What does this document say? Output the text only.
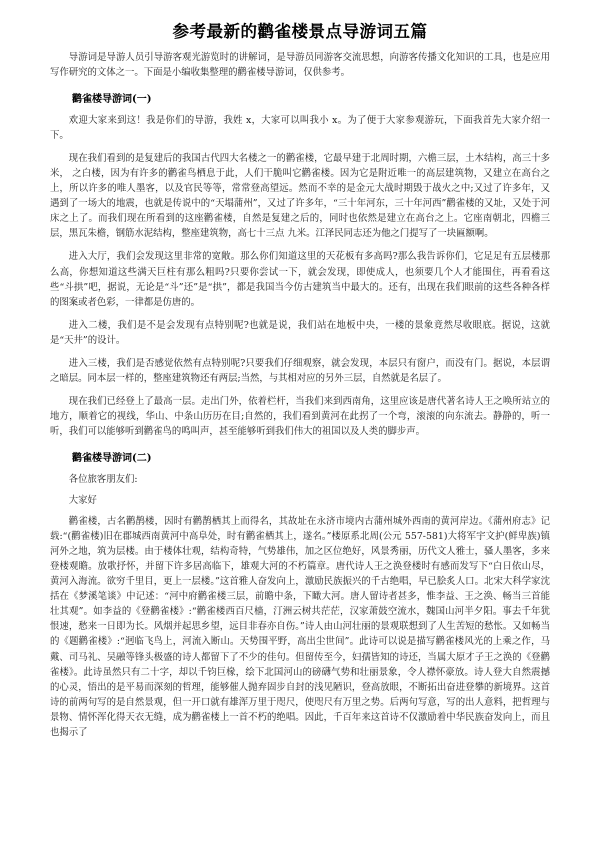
参考最新的鹳雀楼景点导游词五篇

导游词是导游人员引导游客观光游览时的讲解词，是导游员同游客交流思想，向游客传播文化知识的工具，也是应用写作研究的文体之一。下面是小编收集整理的鹳雀楼导游词，仅供参考。

鹳雀楼导游词(一)

欢迎大家来到这！我是你们的导游，我姓 x，大家可以叫我小 x。为了便于大家参观游玩，下面我首先大家介绍一下。

现在我们看到的是复建后的我国古代四大名楼之一的鹳雀楼，它最早建于北周时期，六檐三层，土木结构，高三十多米， 之白楼，因为有许多的鹳雀鸟栖息于此，人们干脆叫它鹳雀楼。因为它是附近唯一的高层建筑物，又建立在高台之上，所以许多的唯人墨客，以及官民等等，常常登高望远。然而不幸的是金元大战时期毁于战火之中;又过了许多年，又遇到了一场大的地震，也就是传说中的“天塌蒲州”，又过了许多年，“三十年河东，三十年河西”鹳雀楼的又址，又处于河床之上了。而我们现在所看到的这座鹳雀楼，自然是复建之后的，同时也依然是建立在高台之上。它座南朝北，四檐三层，黑瓦朱檐，钢筋水泥结构，整座建筑物，高七十三点 九米。江泽民同志还为他之门提写了一块匾额啊。

进入大厅，我们会发现这里非常的宽敞。那么你们知道这里的天花板有多高吗?那么我告诉你们，它足足有五层楼那么高，你想知道这些满天巨柱有那么粗吗?只要你尝试一下，就会发现，即使成人，也须要几个人才能围住，再看看这些“斗拱”吧，据说，无论是“斗”还”是“拱”，都是我国当今仿古建筑当中最大的。还有，出现在我们眼前的这些各种各样的图案或者色彩，一律都是仿唐的。

进入二楼，我们是不是会发现有点特别呢?也就是说，我们站在地板中央，一楼的景象竟然尽收眼底。据说，这就是“天井”的设计。

进入三楼，我们是否感觉依然有点特别呢?只要我们仔细观察，就会发现，本层只有窗户，而没有门。据说，本层谓之暗层。同本层一样的，整座建筑物还有两层;当然，与其相对应的另外三层，自然就是名层了。

现在我们已经登上了最高一层。走出门外，依着栏杆，当我们来到西南角，这里应该是唐代著名诗人王之唤所站立的地方，顺着它的视线，华山、中条山历历在目;自然的，我们看到黄河在此拐了一个弯，滚滚的向东流去。静静的，听一听，我们可以能够听到鹳雀鸟的鸣叫声，甚至能够听到我们伟大的祖国以及人类的脚步声。

鹳雀楼导游词(二)

各位旅客朋友们:

大家好

鹳雀楼，古名鹳鹊楼，因时有鹳鹊栖其上而得名，其故址在永济市境内古蒲州城外西南的黄河岸边。《蒲州府志》记载:“(鹳雀楼)旧在郡城西南黄河中高阜处，时有鹳雀栖其上，遂名。”楼原系北周(公元 557-581)大将军宇文护(鲜卑族)镇河外之地，筑为层楼。由于楼体壮观，结构奇特，气势雄伟，加之区位绝好，风景秀丽，历代文人雅士，骚人墨客，多来登楼观瞻。放歌抒怀，并留下许多居高临下，雄观大河的不朽篇章。唐代诗人王之涣登楼时有感而发写下“白日依山尽，黄河入海流。欲穷千里目，更上一层楼。”这首雅人奋发向上，激励民族振兴的千古绝唱，早已脍炙人口。北宋大科学家沈括在《梦溪笔谈》中记述：“河中府鹳雀楼三层，前瞻中条，下瞰大河。唐人留诗者甚多，惟李益、王之涣、畅当三首能壮其观”。如李益的《登鹳雀楼》:“鹳雀楼西百尺樯，汀洲云树共茫茫，汉家萧鼓空流水，魏国山河半夕阳。事去千年犹恨速，愁来一日即为长。风烟并起思乡望，远目非春亦自伤。”诗人由山河壮丽的景观联想到了人生苦短的愁怅。又如畅当的《题鹳雀楼》:“迥临飞鸟上，河流入断山。天势围平野，高出尘世间”。此诗可以说是描写鹳雀楼风光的上乘之作，马戴、司马礼、吴融等锋头极盛的诗人都留下了不少的佳句。但留传至今，妇孺皆知的诗还，当属大原才子王之涣的《登鹳雀楼》。此诗虽然只有二十字，却以千钧巨椽，绘下北国河山的磅礴气势和壮丽景象，令人襟怀豪放。诗人登大自然震撼的心灵，悟出的是平易而深刻的哲理，能够催人抛弃固步自封的浅见陋识，登高放眼，不断拓出奋进登攀的新境界。这首诗的前两句写的是自然景观，但一开口就有雄浑万里于咫尺，使咫尺有万里之势。后两句写意，写的出人意料，把哲理与景物、情怀浑化得天衣无缝，成为鹳雀楼上一首不朽的绝唱。因此，千百年来这首诗不仅激励着中华民族奋发向上，而且也揭示了
